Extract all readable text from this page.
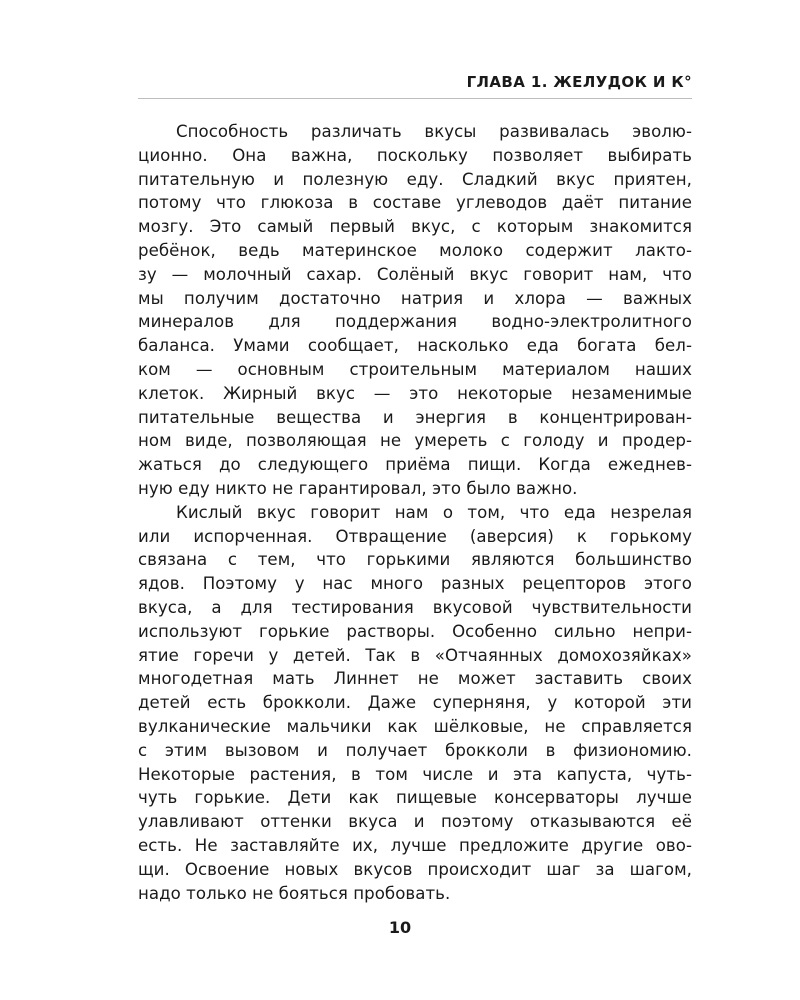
ГЛАВА 1. ЖЕЛУДОК И К°
Способность различать вкусы развивалась эволю-
ционно. Она важна, поскольку позволяет выбирать
питательную и полезную еду. Сладкий вкус приятен,
потому что глюкоза в составе углеводов даёт питание
мозгу. Это самый первый вкус, с которым знакомится
ребёнок, ведь материнское молоко содержит лакто-
зу — молочный сахар. Солёный вкус говорит нам, что
мы получим достаточно натрия и хлора — важных
минералов для поддержания водно-электролитного
баланса. Умами сообщает, насколько еда богата бел-
ком — основным строительным материалом наших
клеток. Жирный вкус — это некоторые незаменимые
питательные вещества и энергия в концентрирован-
ном виде, позволяющая не умереть с голоду и продер-
жаться до следующего приёма пищи. Когда ежеднев-
ную еду никто не гарантировал, это было важно.
Кислый вкус говорит нам о том, что еда незрелая
или испорченная. Отвращение (аверсия) к горькому
связана с тем, что горькими являются большинство
ядов. Поэтому у нас много разных рецепторов этого
вкуса, а для тестирования вкусовой чувствительности
используют горькие растворы. Особенно сильно непри-
ятие горечи у детей. Так в «Отчаянных домохозяйках»
многодетная мать Линнет не может заставить своих
детей есть брокколи. Даже суперняня, у которой эти
вулканические мальчики как шёлковые, не справляется
с этим вызовом и получает брокколи в физиономию.
Некоторые растения, в том числе и эта капуста, чуть-
чуть горькие. Дети как пищевые консерваторы лучше
улавливают оттенки вкуса и поэтому отказываются её
есть. Не заставляйте их, лучше предложите другие ово-
щи. Освоение новых вкусов происходит шаг за шагом,
надо только не бояться пробовать.
10
